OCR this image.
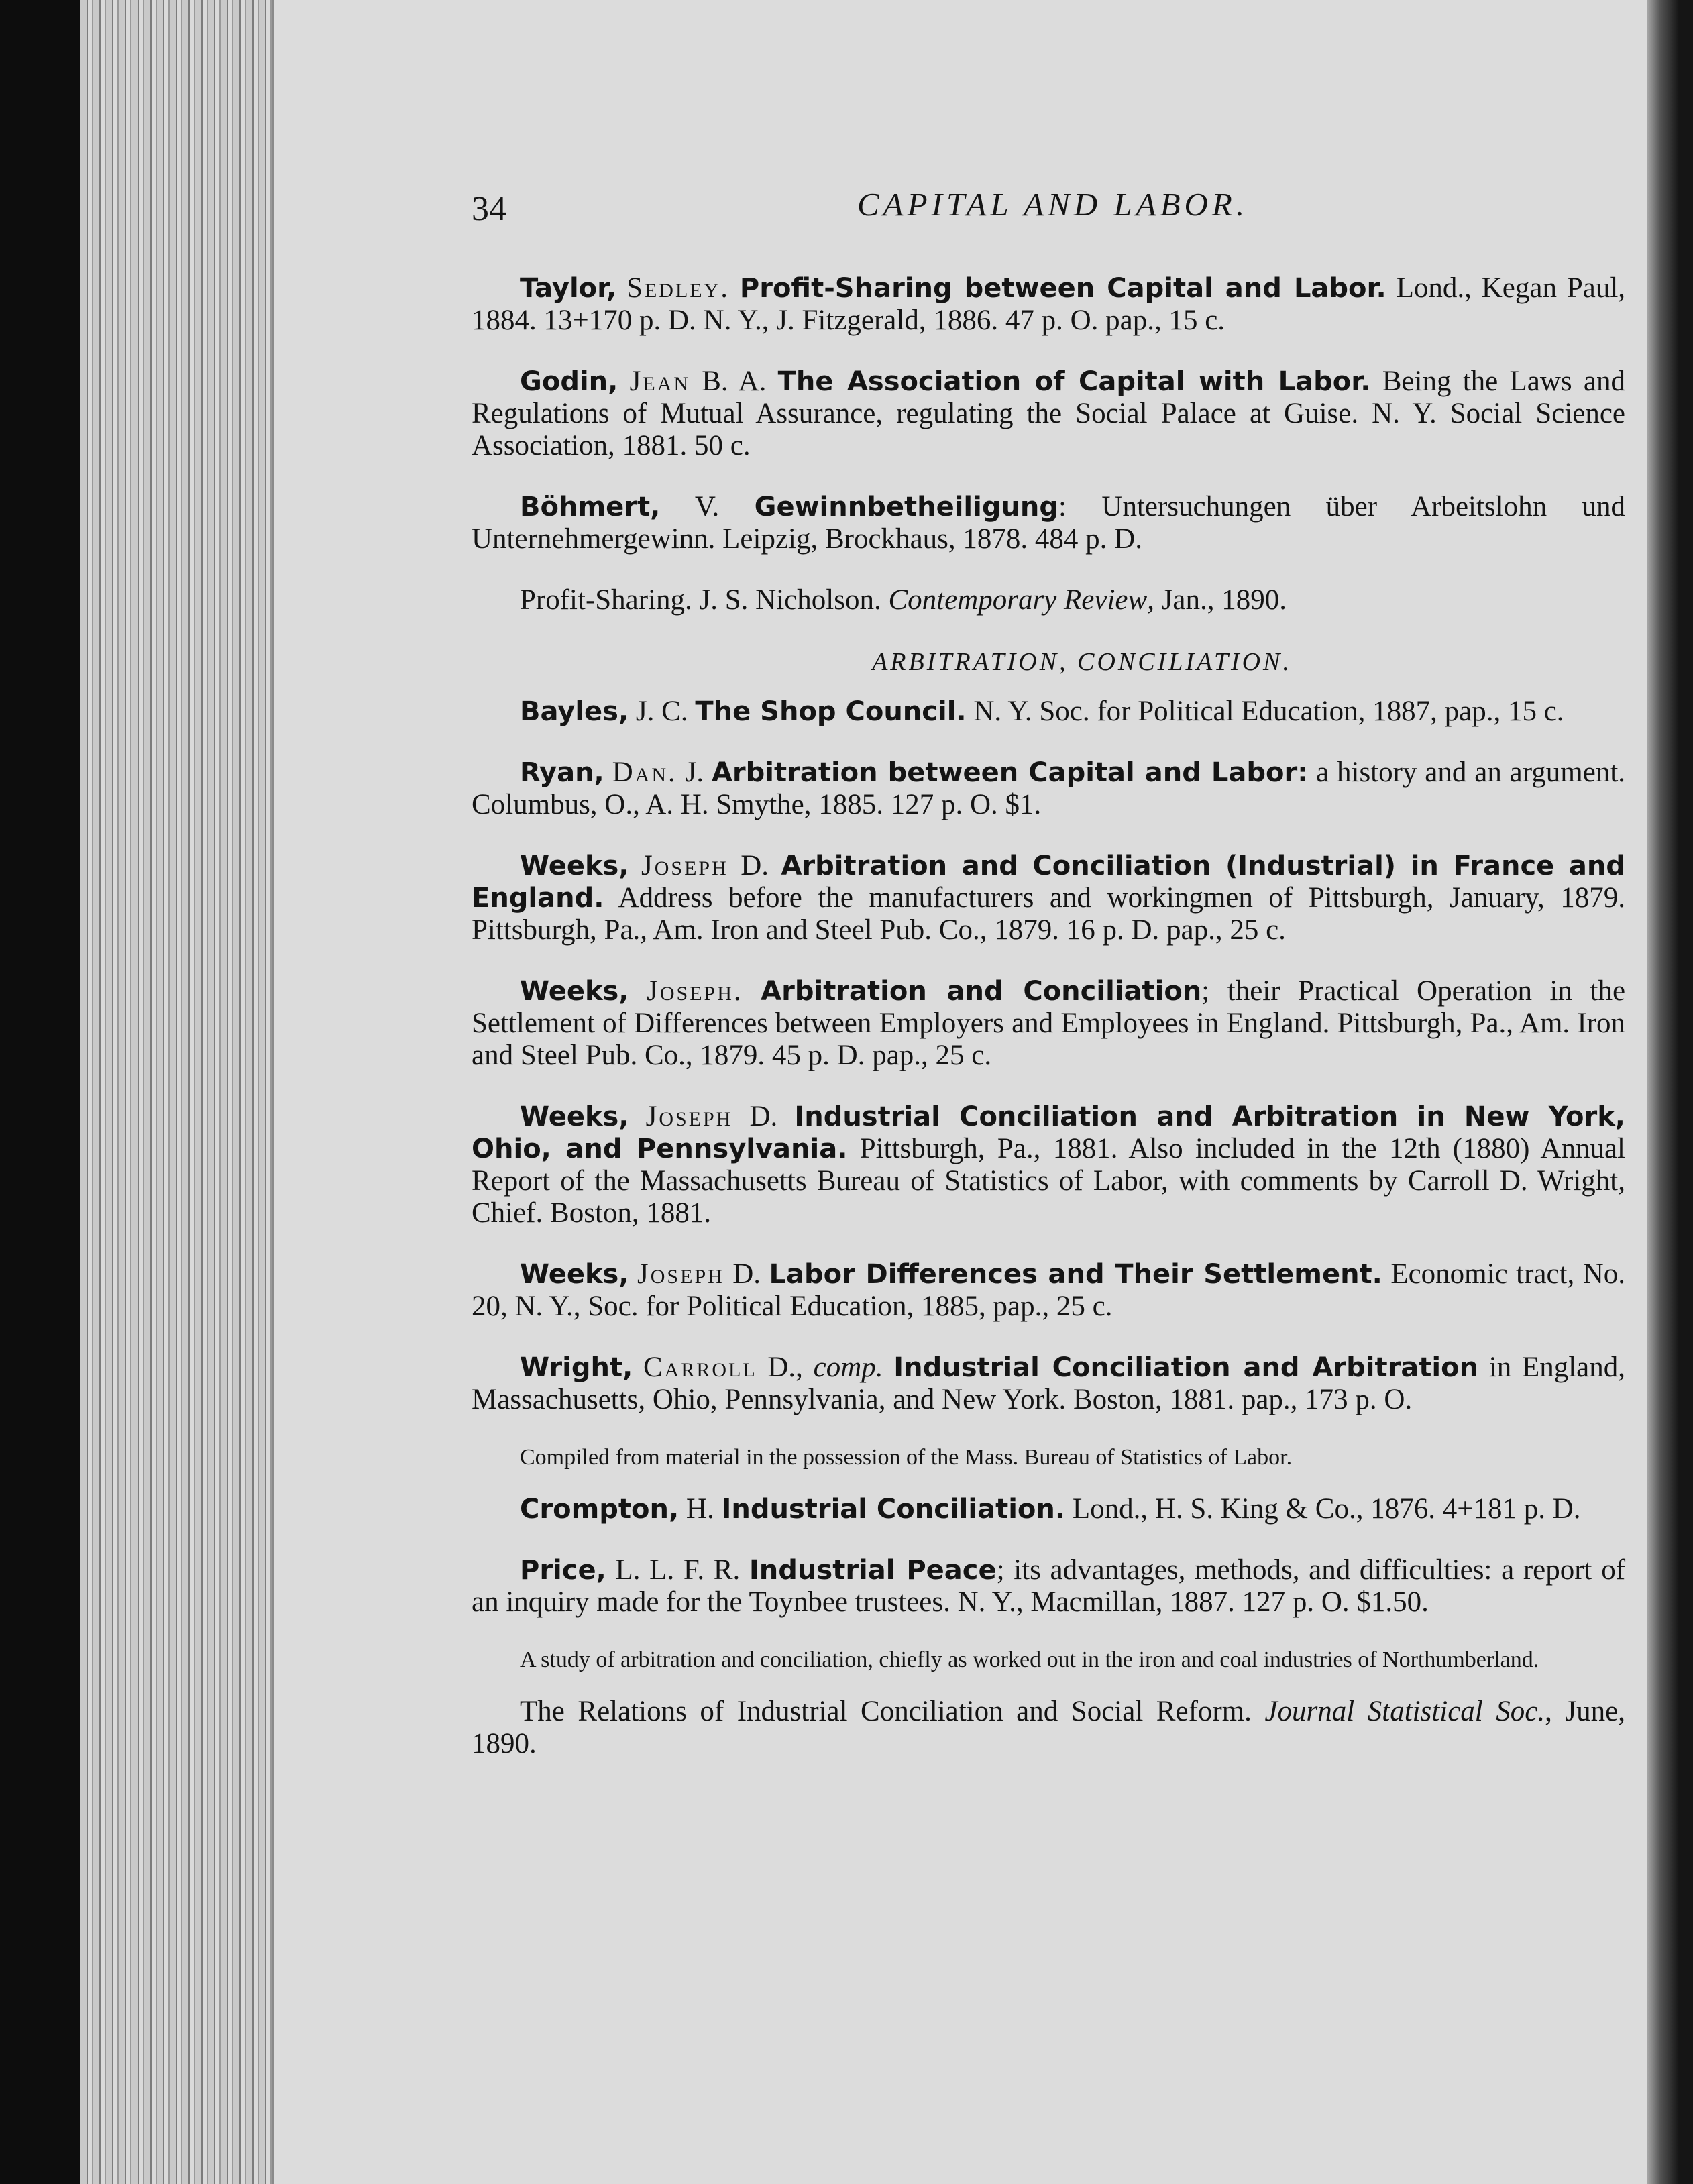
34	CAPITAL AND LABOR.

Taylor, Sedley. Profit-Sharing between Capital and Labor. Lond., Kegan Paul, 1884. 13+170 p. D. N. Y., J. Fitzgerald, 1886. 47 p. O. pap., 15 c.

Godin, Jean B. A. The Association of Capital with Labor. Being the Laws and Regulations of Mutual Assurance, regulating the Social Palace at Guise. N. Y. Social Science Association, 1881. 50 c.

Böhmert, V. Gewinnbetheiligung: Untersuchungen über Arbeitslohn und Unternehmergewinn. Leipzig, Brockhaus, 1878. 484 p. D.

Profit-Sharing. J. S. Nicholson. Contemporary Review, Jan., 1890.

ARBITRATION, CONCILIATION.

Bayles, J. C. The Shop Council. N. Y. Soc. for Political Education, 1887, pap., 15 c.

Ryan, Dan. J. Arbitration between Capital and Labor: a history and an argument. Columbus, O., A. H. Smythe, 1885. 127 p. O. $1.

Weeks, Joseph D. Arbitration and Conciliation (Industrial) in France and England. Address before the manufacturers and workingmen of Pittsburgh, January, 1879. Pittsburgh, Pa., Am. Iron and Steel Pub. Co., 1879. 16 p. D. pap., 25 c.

Weeks, Joseph. Arbitration and Conciliation; their Practical Operation in the Settlement of Differences between Employers and Employees in England. Pittsburgh, Pa., Am. Iron and Steel Pub. Co., 1879. 45 p. D. pap., 25 c.

Weeks, Joseph D. Industrial Conciliation and Arbitration in New York, Ohio, and Pennsylvania. Pittsburgh, Pa., 1881. Also included in the 12th (1880) Annual Report of the Massachusetts Bureau of Statistics of Labor, with comments by Carroll D. Wright, Chief. Boston, 1881.

Weeks, Joseph D. Labor Differences and Their Settlement. Economic tract, No. 20, N. Y., Soc. for Political Education, 1885, pap., 25 c.

Wright, Carroll D., comp. Industrial Conciliation and Arbitration in England, Massachusetts, Ohio, Pennsylvania, and New York. Boston, 1881. pap., 173 p. O.

Compiled from material in the possession of the Mass. Bureau of Statistics of Labor.

Crompton, H. Industrial Conciliation. Lond., H. S. King & Co., 1876. 4+181 p. D.

Price, L. L. F. R. Industrial Peace; its advantages, methods, and difficulties: a report of an inquiry made for the Toynbee trustees. N. Y., Macmillan, 1887. 127 p. O. $1.50.

A study of arbitration and conciliation, chiefly as worked out in the iron and coal industries of Northumberland.

The Relations of Industrial Conciliation and Social Reform. Journal Statistical Soc., June, 1890.
